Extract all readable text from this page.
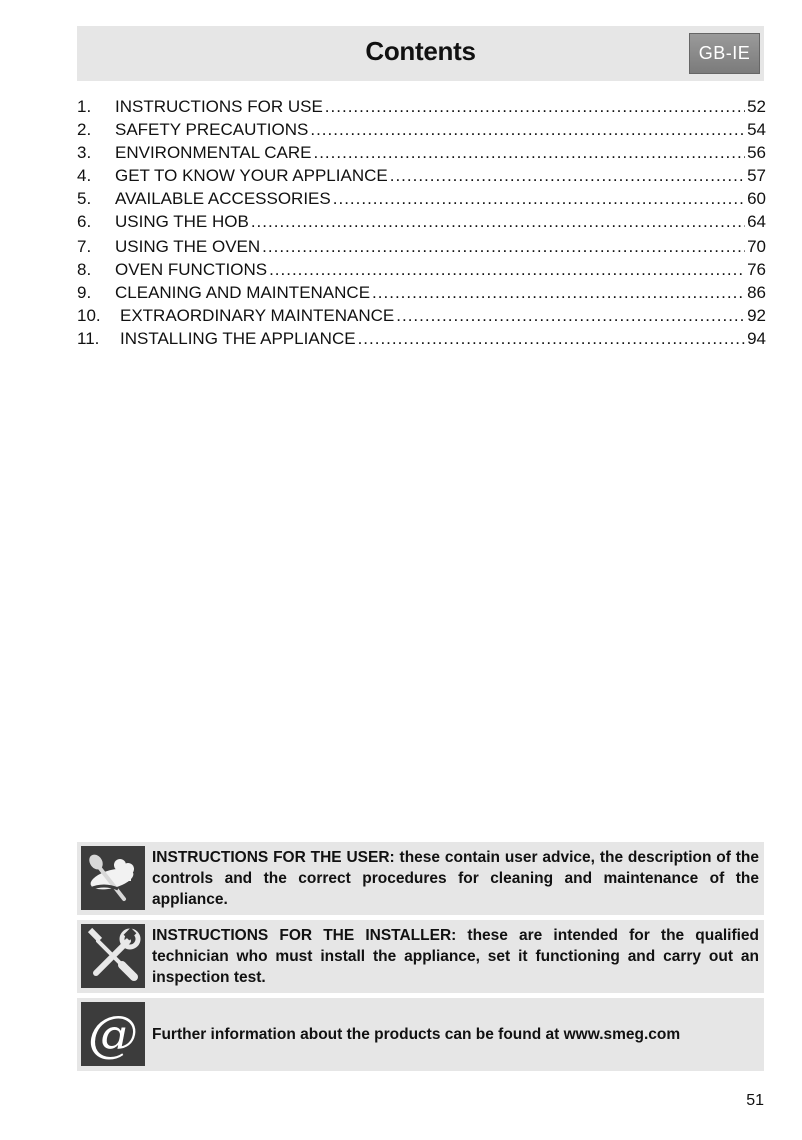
Contents	GB-IE
1.	INSTRUCTIONS FOR USE .....	52
2.	SAFETY PRECAUTIONS .....	54
3.	ENVIRONMENTAL CARE .....	56
4.	GET TO KNOW YOUR APPLIANCE .....	57
5.	AVAILABLE ACCESSORIES .....	60
6.	USING THE HOB .....	64
7.	USING THE OVEN .....	70
8.	OVEN FUNCTIONS .....	76
9.	CLEANING AND MAINTENANCE .....	86
10.	EXTRAORDINARY MAINTENANCE .....	92
11.	INSTALLING THE APPLIANCE .....	94
INSTRUCTIONS FOR THE USER: these contain user advice, the description of the controls and the correct procedures for cleaning and maintenance of the appliance.
INSTRUCTIONS FOR THE INSTALLER: these are intended for the qualified technician who must install the appliance, set it functioning and carry out an inspection test.
@ Further information about the products can be found at www.smeg.com
51
